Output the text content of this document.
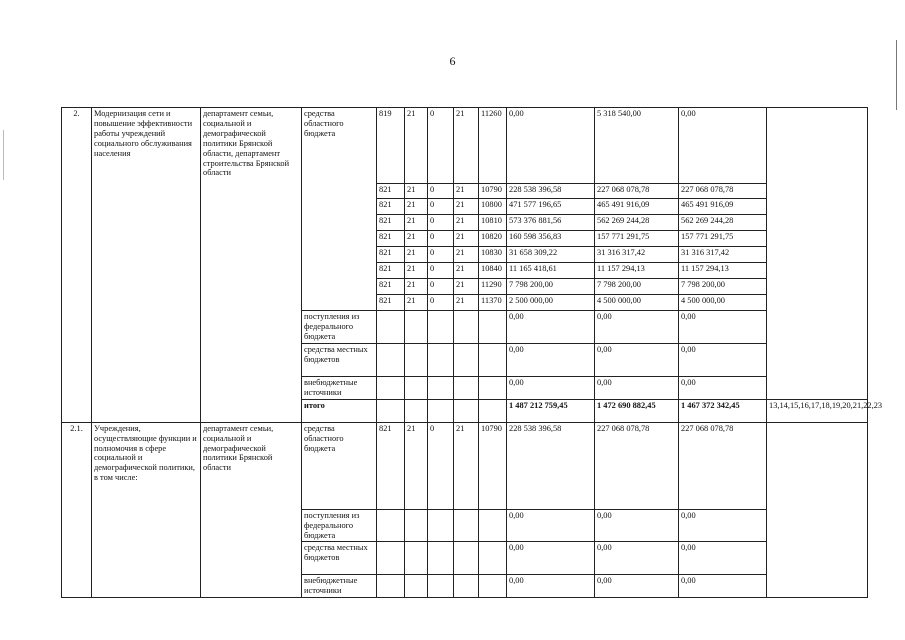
6
2.	Модернизация сети и повышение эффективности работы учреждений социального обслуживания населения	департамент семьи, социальной и демографической политики Брянской области, департамент строительства Брянской области	средства областного бюджета	819	21	0	21	11260	0,00	5 318 540,00	0,00	
				821	21	0	21	10790	228 538 396,58	227 068 078,78	227 068 078,78	
				821	21	0	21	10800	471 577 196,65	465 491 916,09	465 491 916,09	
				821	21	0	21	10810	573 376 881,56	562 269 244,28	562 269 244,28	
				821	21	0	21	10820	160 598 356,83	157 771 291,75	157 771 291,75	
				821	21	0	21	10830	31 658 309,22	31 316 317,42	31 316 317,42	
				821	21	0	21	10840	11 165 418,61	11 157 294,13	11 157 294,13	
				821	21	0	21	11290	7 798 200,00	7 798 200,00	7 798 200,00	
				821	21	0	21	11370	2 500 000,00	4 500 000,00	4 500 000,00	
			поступления из федерального бюджета						0,00	0,00	0,00	
			средства местных бюджетов						0,00	0,00	0,00	
			внебюджетные источники						0,00	0,00	0,00	
			итого						1 487 212 759,45	1 472 690 882,45	1 467 372 342,45	13,14,15,16,17,18,19,20,21,22,23
2.1.	Учреждения, осуществляющие функции и полномочия в сфере социальной и демографической политики, в том числе:	департамент семьи, социальной и демографической политики Брянской области	средства областного бюджета	821	21	0	21	10790	228 538 396,58	227 068 078,78	227 068 078,78	
			поступления из федерального бюджета						0,00	0,00	0,00	
			средства местных бюджетов						0,00	0,00	0,00	
			внебюджетные источники						0,00	0,00	0,00	
